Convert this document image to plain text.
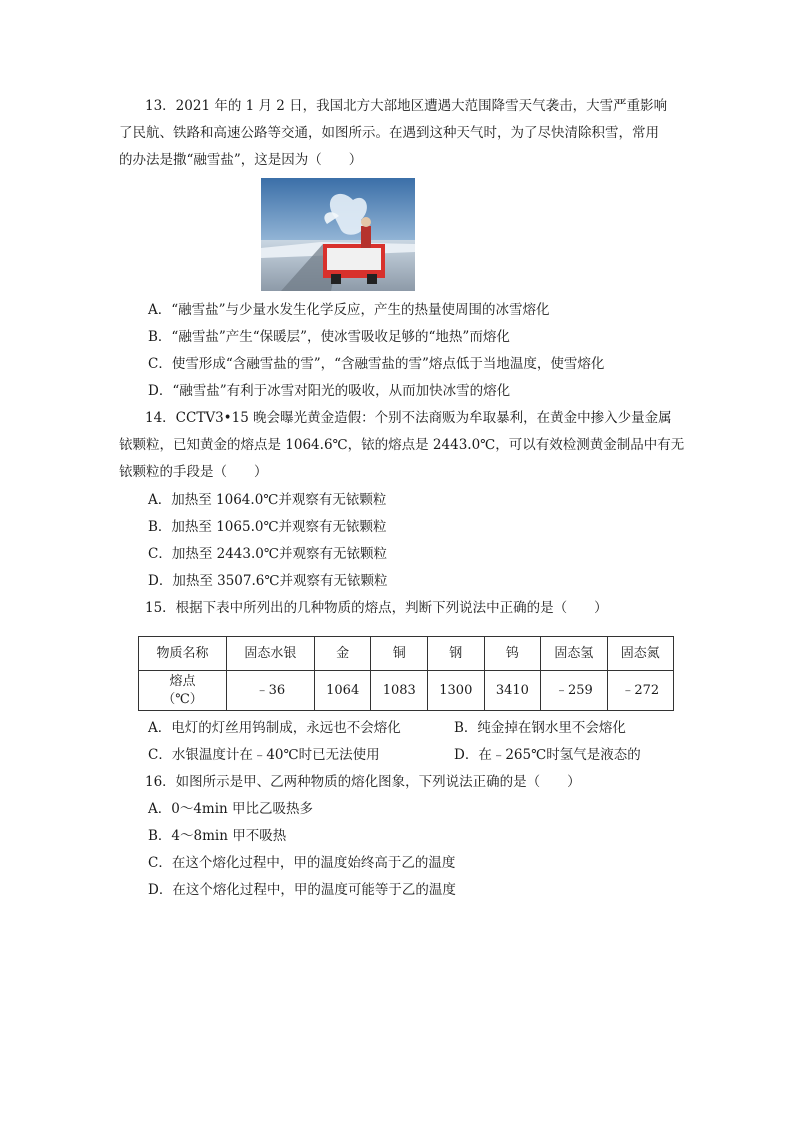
13．2021 年的 1 月 2 日，我国北方大部地区遭遇大范围降雪天气袭击，大雪严重影响
了民航、铁路和高速公路等交通，如图所示。在遇到这种天气时，为了尽快清除积雪，常用
的办法是撒“融雪盐”，这是因为（　　）
A．“融雪盐”与少量水发生化学反应，产生的热量使周围的冰雪熔化
B．“融雪盐”产生“保暖层”，使冰雪吸收足够的“地热”而熔化
C．使雪形成“含融雪盐的雪”，“含融雪盐的雪”熔点低于当地温度，使雪熔化
D．“融雪盐”有利于冰雪对阳光的吸收，从而加快冰雪的熔化
14．CCTV3•15 晚会曝光黄金造假：个别不法商贩为牟取暴利，在黄金中掺入少量金属
铱颗粒，已知黄金的熔点是 1064.6℃，铱的熔点是 2443.0℃，可以有效检测黄金制品中有无
铱颗粒的手段是（　　）
A．加热至 1064.0℃并观察有无铱颗粒
B．加热至 1065.0℃并观察有无铱颗粒
C．加热至 2443.0℃并观察有无铱颗粒
D．加热至 3507.6℃并观察有无铱颗粒
15．根据下表中所列出的几种物质的熔点，判断下列说法中正确的是（　　）
物质名称	固态水银	金	铜	钢	钨	固态氢	固态氮

熔点
（℃）	﹣36	1064	1083	1300	3410	﹣259	﹣272
A．电灯的灯丝用钨制成，永远也不会熔化	B．纯金掉在钢水里不会熔化
C．水银温度计在﹣40℃时已无法使用	D．在﹣265℃时氢气是液态的
16．如图所示是甲、乙两种物质的熔化图象，下列说法正确的是（　　）
A．0～4min 甲比乙吸热多
B．4～8min 甲不吸热
C．在这个熔化过程中，甲的温度始终高于乙的温度
D．在这个熔化过程中，甲的温度可能等于乙的温度
